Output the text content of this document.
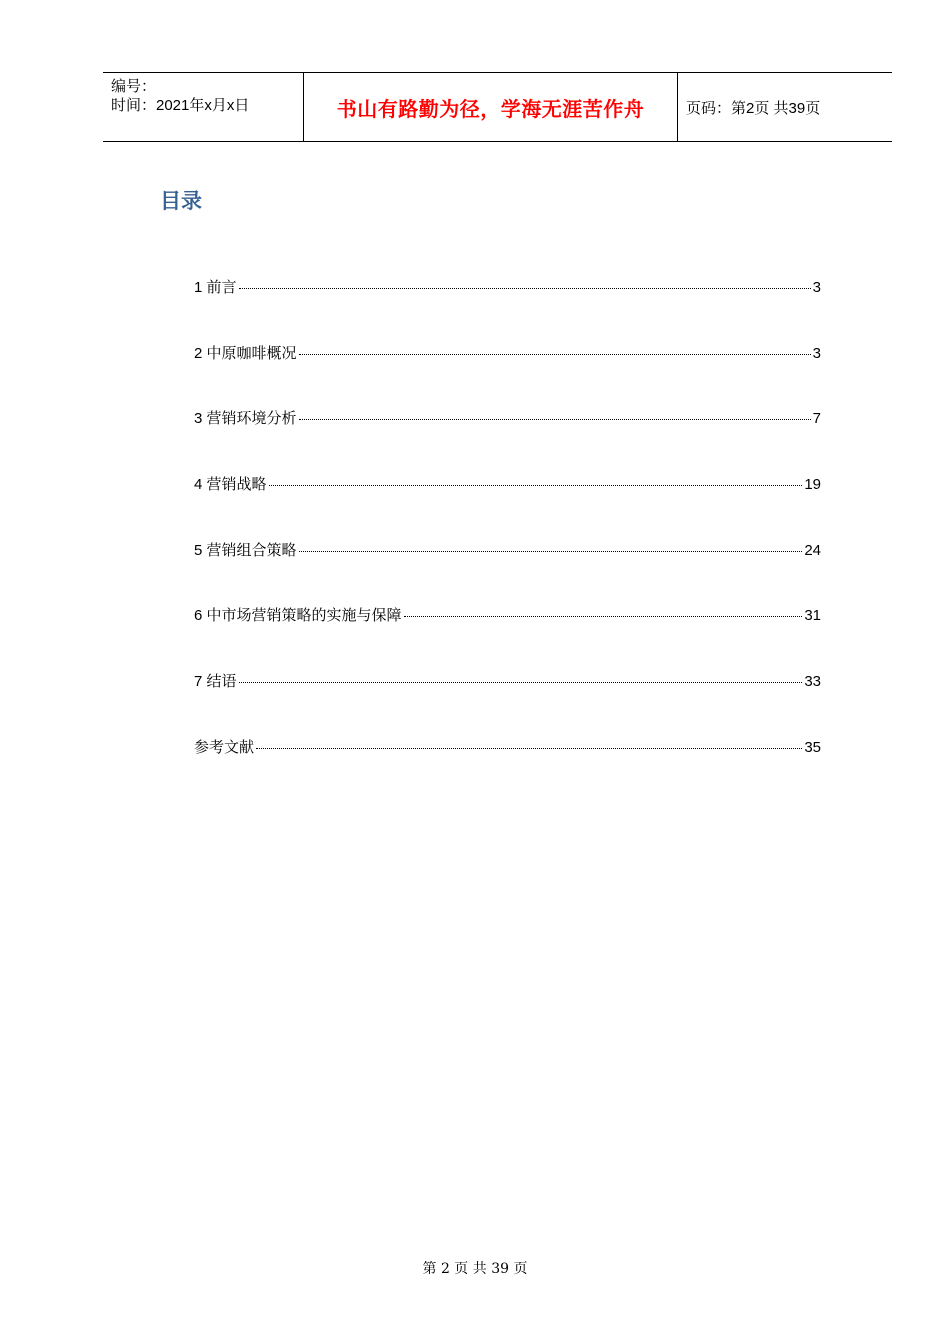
编号：
时间：2021年x月x日	书山有路勤为径，学海无涯苦作舟	页码：第2页 共39页
目录
1 前言	3
2 中原咖啡概况	3
3 营销环境分析	7
4 营销战略	19
5 营销组合策略	24
6 中市场营销策略的实施与保障	31
7 结语	33
参考文献	35
第 2 页 共 39 页
